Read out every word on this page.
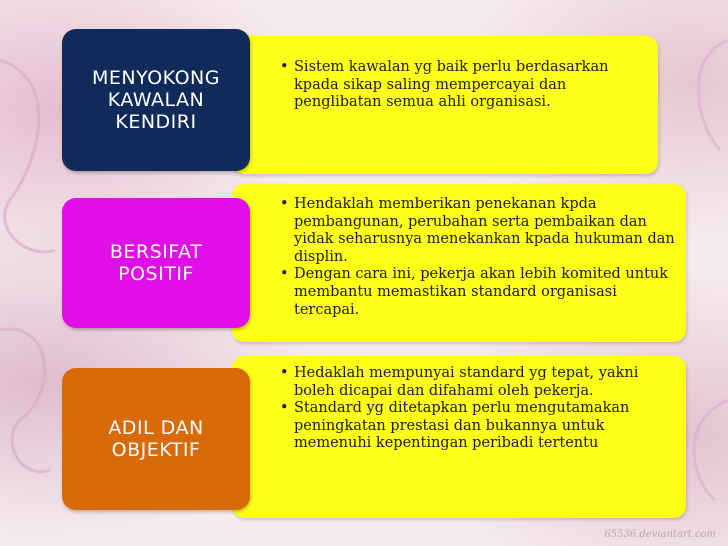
• Sistem kawalan yg baik perlu berdasarkan kpada sikap saling mempercayai dan penglibatan semua ahli organisasi.
MENYOKONG
KAWALAN
KENDIRI
• Hendaklah memberikan penekanan kpda pembangunan, perubahan serta pembaikan dan yidak seharusnya menekankan kpada hukuman dan displin.
• Dengan cara ini, pekerja akan lebih komited untuk membantu memastikan standard organisasi tercapai.
BERSIFAT
POSITIF
• Hedaklah mempunyai standard yg tepat, yakni boleh dicapai dan difahami oleh pekerja.
• Standard yg ditetapkan perlu mengutamakan peningkatan prestasi dan bukannya untuk memenuhi kepentingan peribadi tertentu
ADIL DAN
OBJEKTIF
65536.deviantart.com
